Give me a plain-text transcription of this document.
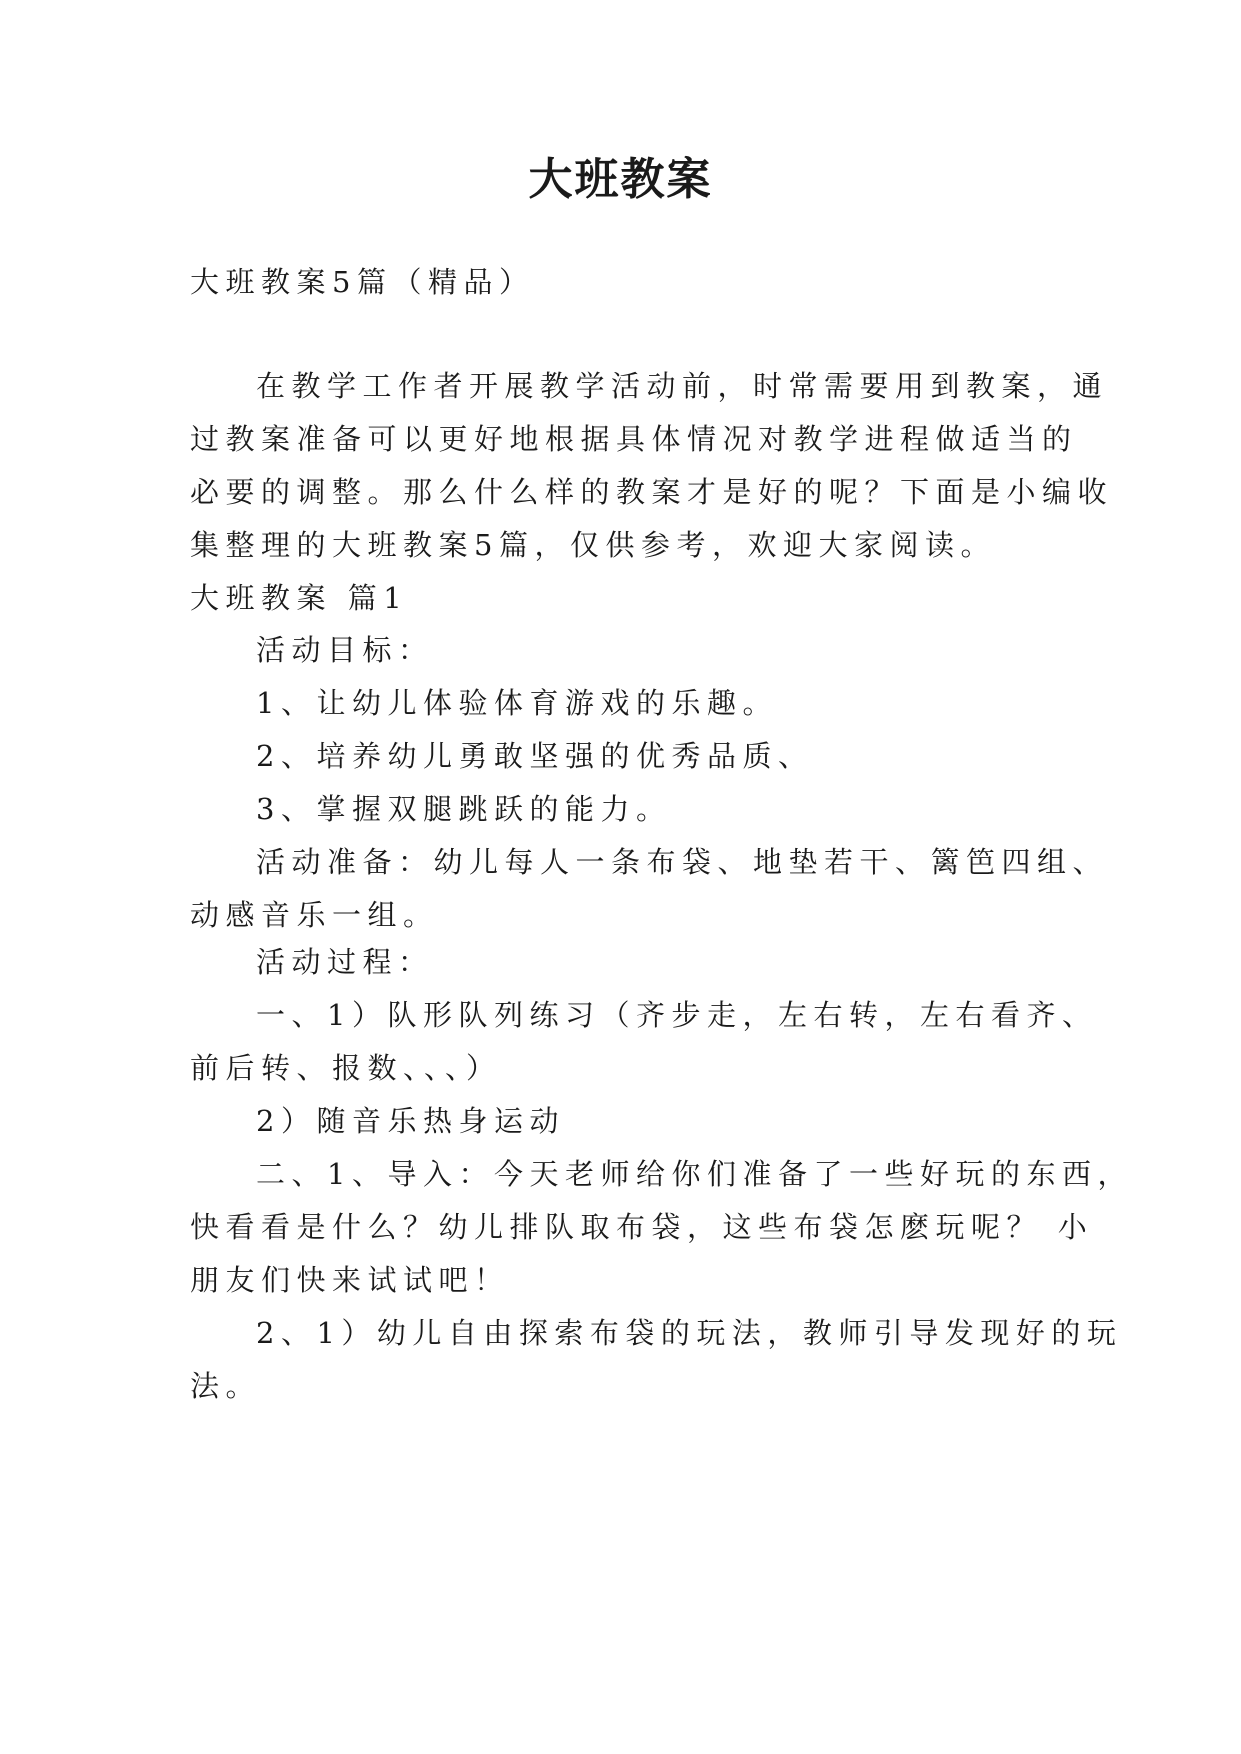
大班教案
大班教案5篇（精品）
在教学工作者开展教学活动前，时常需要用到教案，通
过教案准备可以更好地根据具体情况对教学进程做适当的
必要的调整。那么什么样的教案才是好的呢？下面是小编收
集整理的大班教案5篇，仅供参考，欢迎大家阅读。
大班教案 篇1
活动目标：
1、让幼儿体验体育游戏的乐趣。
2、培养幼儿勇敢坚强的优秀品质、
3、掌握双腿跳跃的能力。
活动准备：幼儿每人一条布袋、地垫若干、篱笆四组、
动感音乐一组。
活动过程：
一、1）队形队列练习（齐步走，左右转，左右看齐、
前后转、报数、、、）
2）随音乐热身运动
二、1、导入：今天老师给你们准备了一些好玩的东西，
快看看是什么？幼儿排队取布袋，这些布袋怎麽玩呢？ 小
朋友们快来试试吧！
2、1）幼儿自由探索布袋的玩法，教师引导发现好的玩
法。
